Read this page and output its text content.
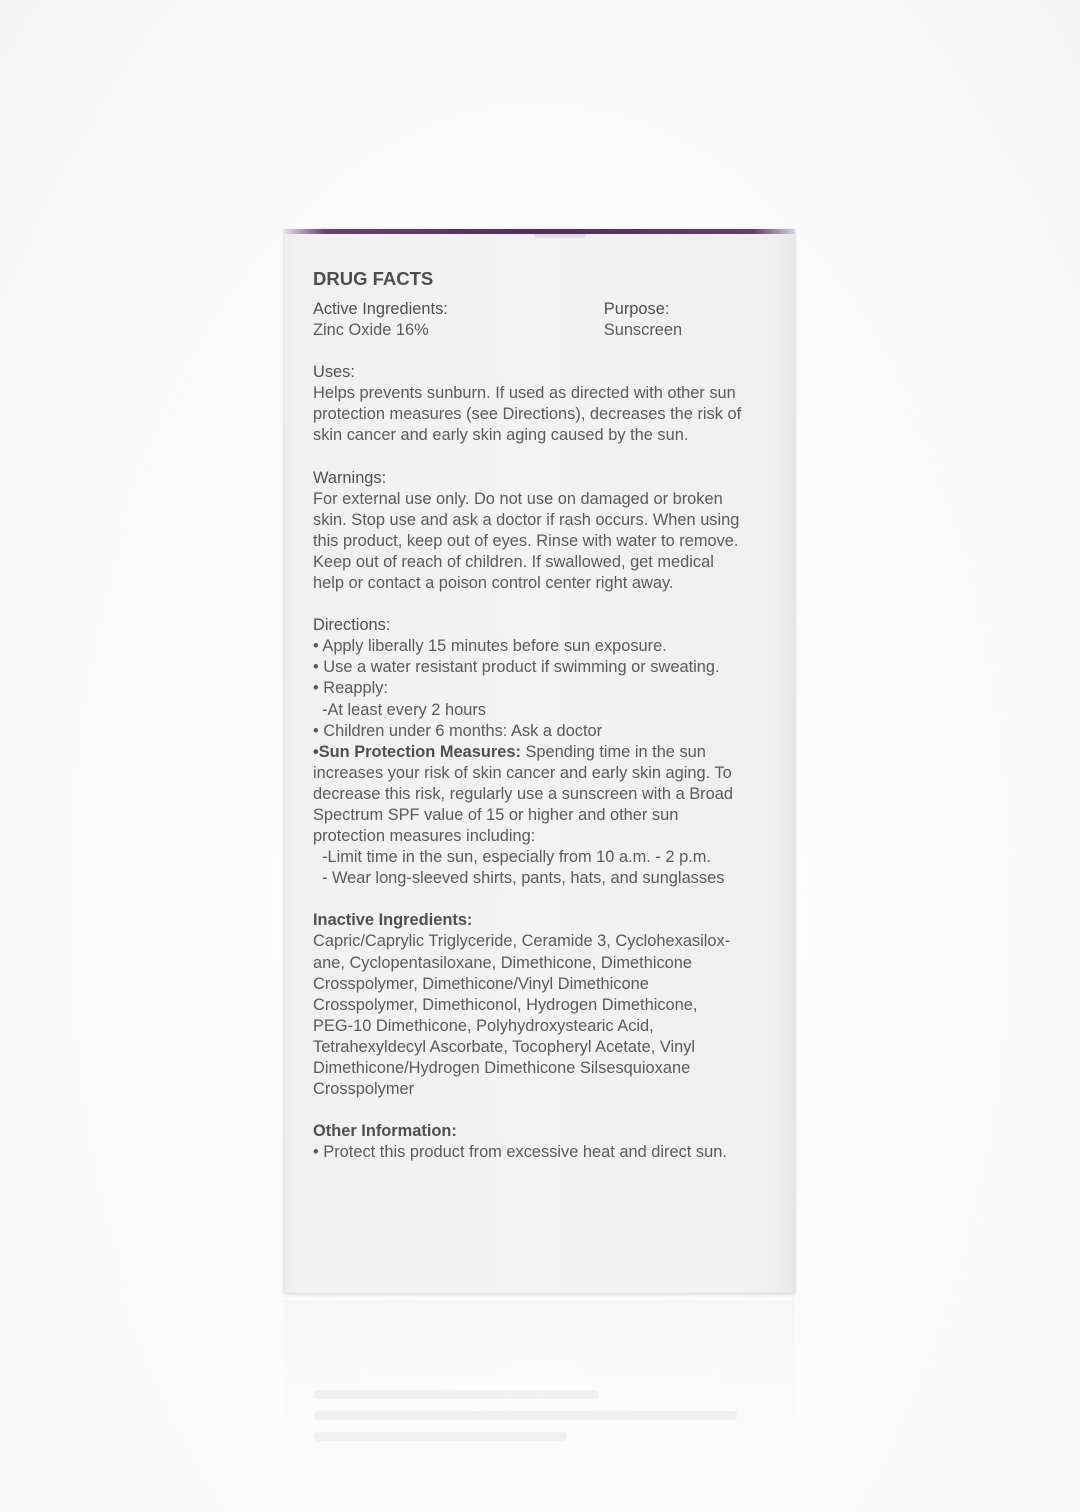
DRUG FACTS
Active Ingredients:
Zinc Oxide 16%
Purpose:
Sunscreen
Uses:
Helps prevents sunburn. If used as directed with other sun
protection measures (see Directions), decreases the risk of
skin cancer and early skin aging caused by the sun.
Warnings:
For external use only. Do not use on damaged or broken
skin. Stop use and ask a doctor if rash occurs. When using
this product, keep out of eyes. Rinse with water to remove.
Keep out of reach of children. If swallowed, get medical
help or contact a poison control center right away.
Directions:
• Apply liberally 15 minutes before sun exposure.
• Use a water resistant product if swimming or sweating.
• Reapply:
-At least every 2 hours
• Children under 6 months: Ask a doctor
•Sun Protection Measures: Spending time in the sun
increases your risk of skin cancer and early skin aging. To
decrease this risk, regularly use a sunscreen with a Broad
Spectrum SPF value of 15 or higher and other sun
protection measures including:
-Limit time in the sun, especially from 10 a.m. - 2 p.m.
- Wear long-sleeved shirts, pants, hats, and sunglasses
Inactive Ingredients:
Capric/Caprylic Triglyceride, Ceramide 3, Cyclohexasilox-
ane, Cyclopentasiloxane, Dimethicone, Dimethicone
Crosspolymer, Dimethicone/Vinyl Dimethicone
Crosspolymer, Dimethiconol, Hydrogen Dimethicone,
PEG-10 Dimethicone, Polyhydroxystearic Acid,
Tetrahexyldecyl Ascorbate, Tocopheryl Acetate, Vinyl
Dimethicone/Hydrogen Dimethicone Silsesquioxane
Crosspolymer
Other Information:
• Protect this product from excessive heat and direct sun.
